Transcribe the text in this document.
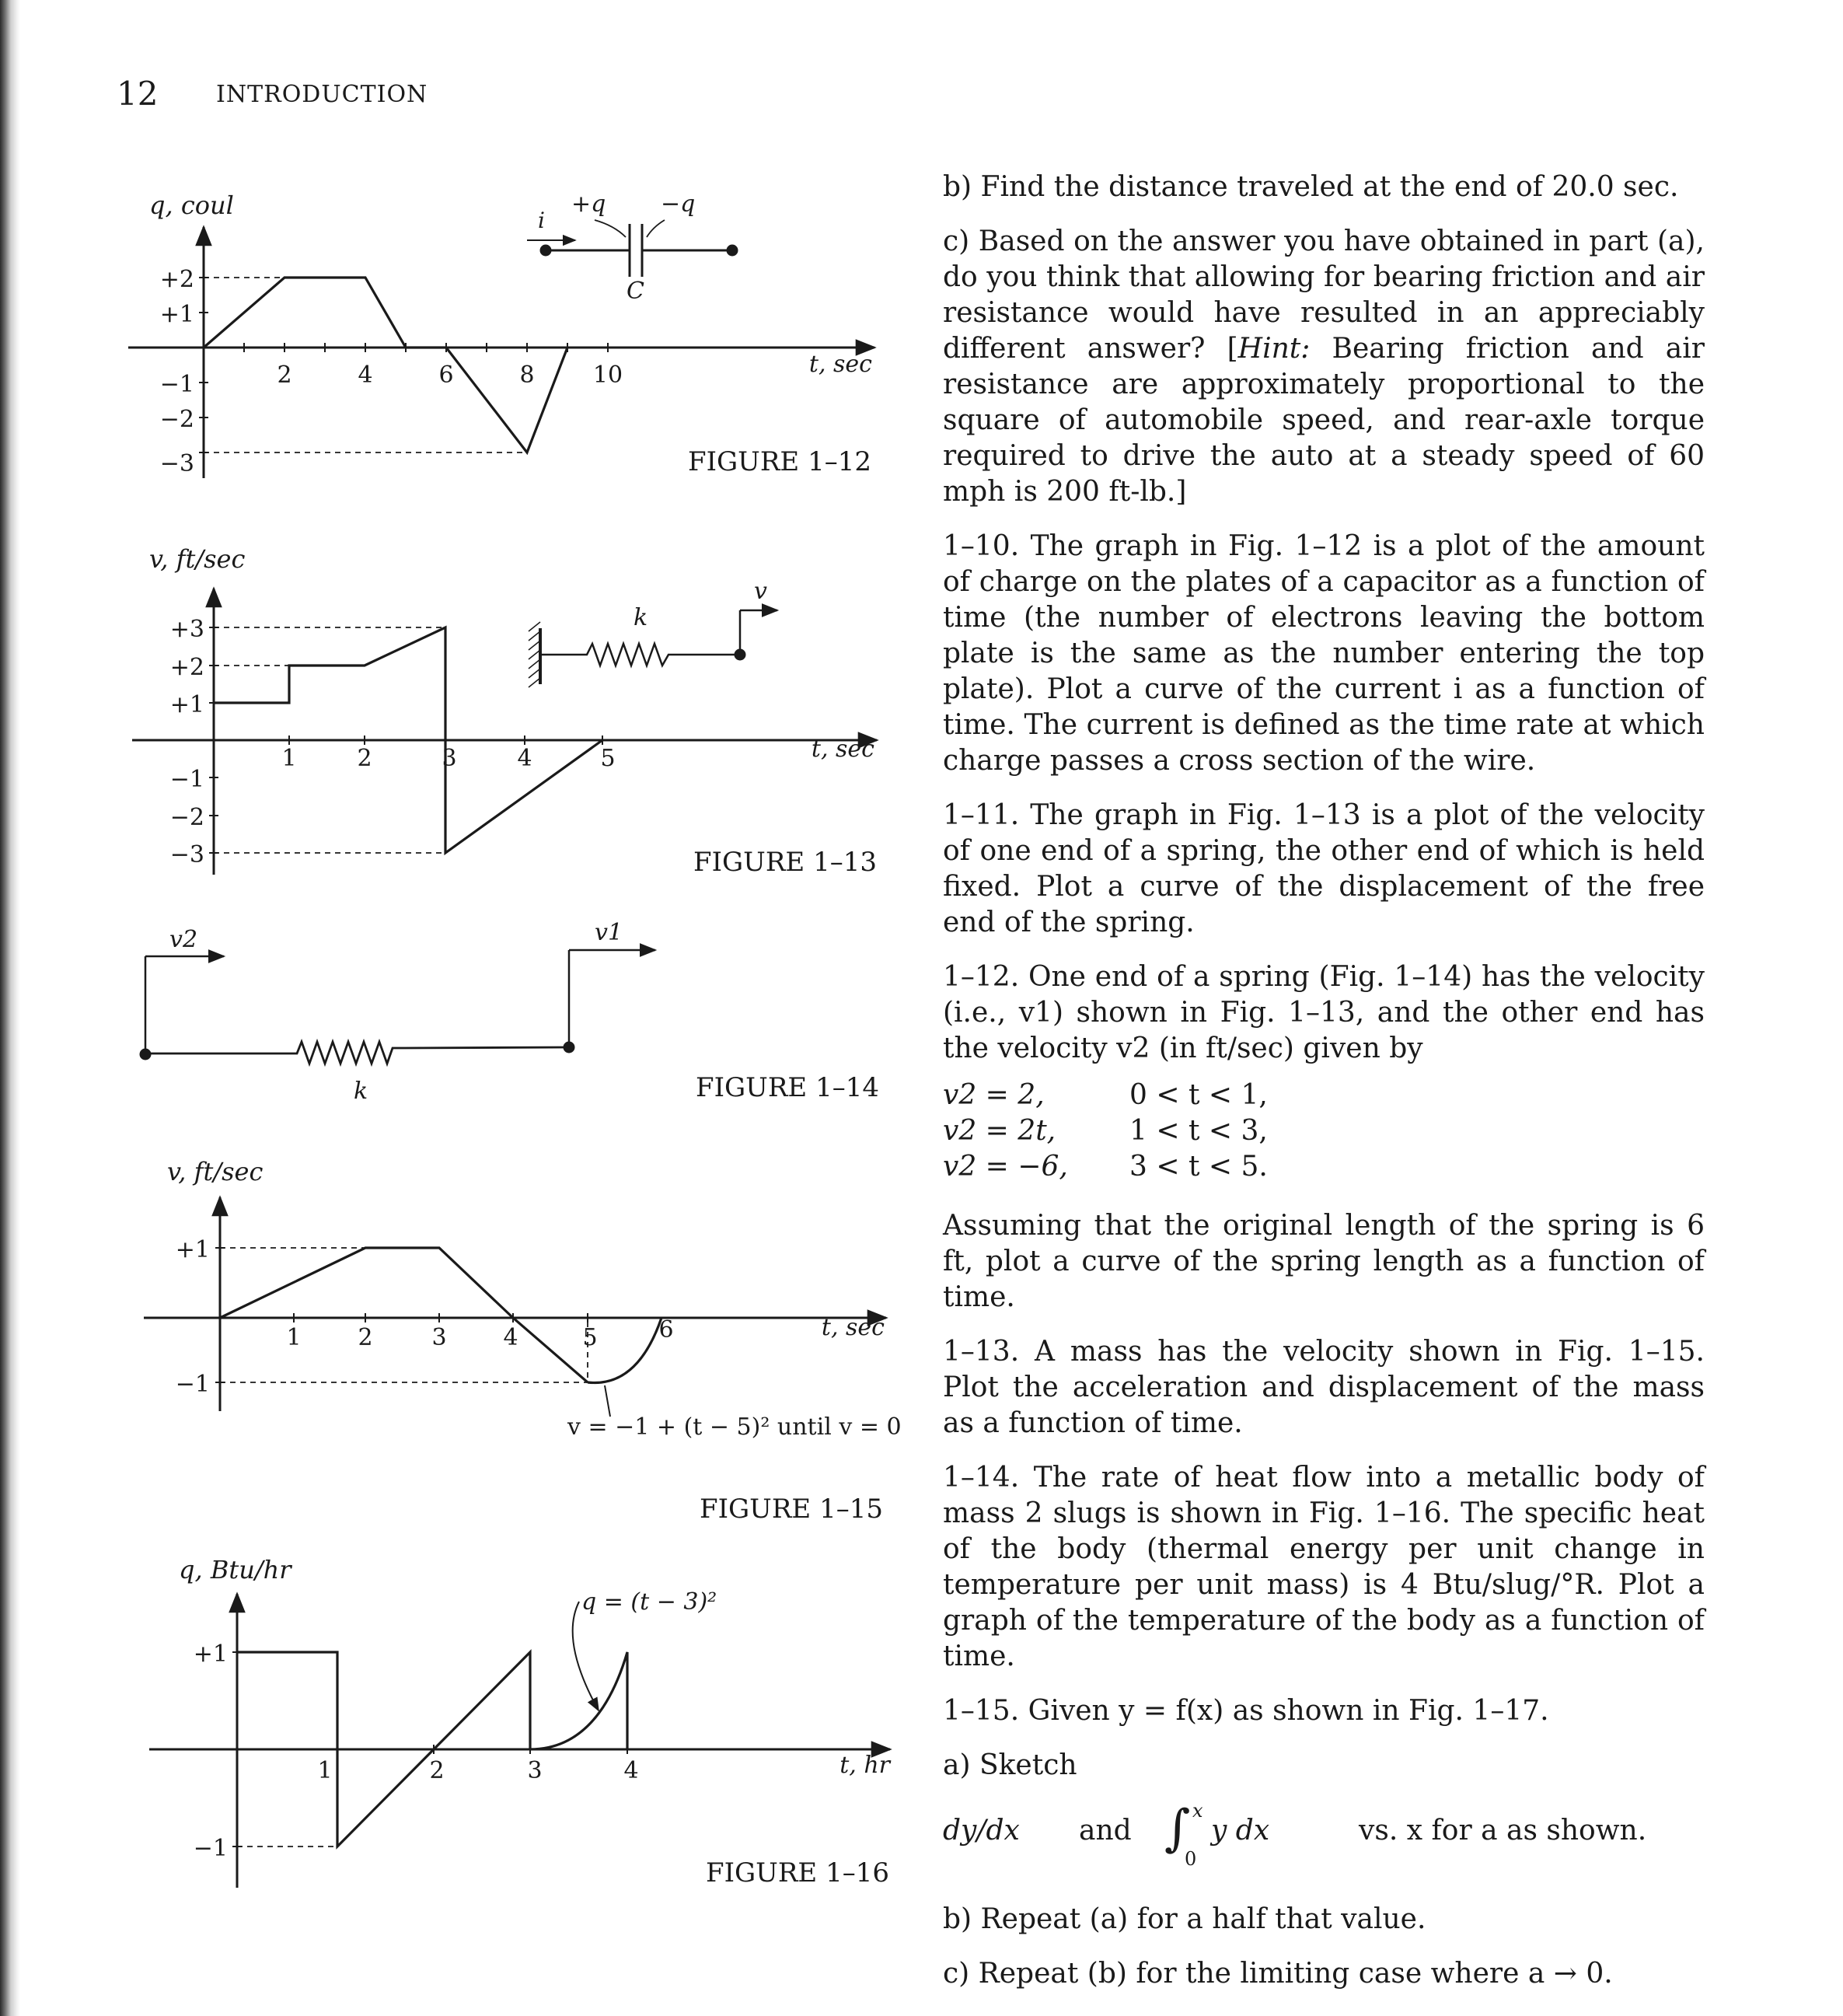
12 INTRODUCTION
q, coul
+2
+1
−1
−2
−3
2	4	6	8	10	t, sec
i
+q −q
C
FIGURE 1–12
v, ft/sec
+3
+2
+1
−1
−2
−3
1	2	3	4	5	t, sec
k
v
FIGURE 1–13
v2	v1
k	FIGURE 1–14
v, ft/sec
+1
−1
1 2	3 4	5	6	t, sec
v = −1 + (t − 5)² until v = 0
FIGURE 1–15
q, Btu/hr
+1
−1
1	2	3	4	t, hr
q = (t − 3)²
FIGURE 1–16

b) Find the distance traveled at the end of 20.0 sec.

c) Based on the answer you have obtained in part (a), do you think that allowing for bearing friction and air resistance would have resulted in an appreciably different answer? [Hint: Bearing friction and air resistance are approximately proportional to the square of automobile speed, and rear-axle torque required to drive the auto at a steady speed of 60 mph is 200 ft-lb.]

1–10. The graph in Fig. 1–12 is a plot of the amount of charge on the plates of a capacitor as a function of time (the number of electrons leaving the bottom plate is the same as the number entering the top plate). Plot a curve of the current i as a function of time. The current is defined as the time rate at which charge passes a cross section of the wire.

1–11. The graph in Fig. 1–13 is a plot of the velocity of one end of a spring, the other end of which is held fixed. Plot a curve of the displacement of the free end of the spring.

1–12. One end of a spring (Fig. 1–14) has the velocity (i.e., v1) shown in Fig. 1–13, and the other end has the velocity v2 (in ft/sec) given by

v2 = 2,	0 < t < 1,
v2 = 2t,	1 < t < 3,
v2 = −6,	3 < t < 5.

Assuming that the original length of the spring is 6 ft, plot a curve of the spring length as a function of time.

1–13. A mass has the velocity shown in Fig. 1–15. Plot the acceleration and displacement of the mass as a function of time.

1–14. The rate of heat flow into a metallic body of mass 2 slugs is shown in Fig. 1–16. The specific heat of the body (thermal energy per unit change in temperature per unit mass) is 4 Btu/slug/°R. Plot a graph of the temperature of the body as a function of time.

1–15. Given y = f(x) as shown in Fig. 1–17.

a) Sketch

dy/dx	and ∫ x
0
y dx	vs. x for a as shown.

b) Repeat (a) for a half that value.

c) Repeat (b) for the limiting case where a → 0.
